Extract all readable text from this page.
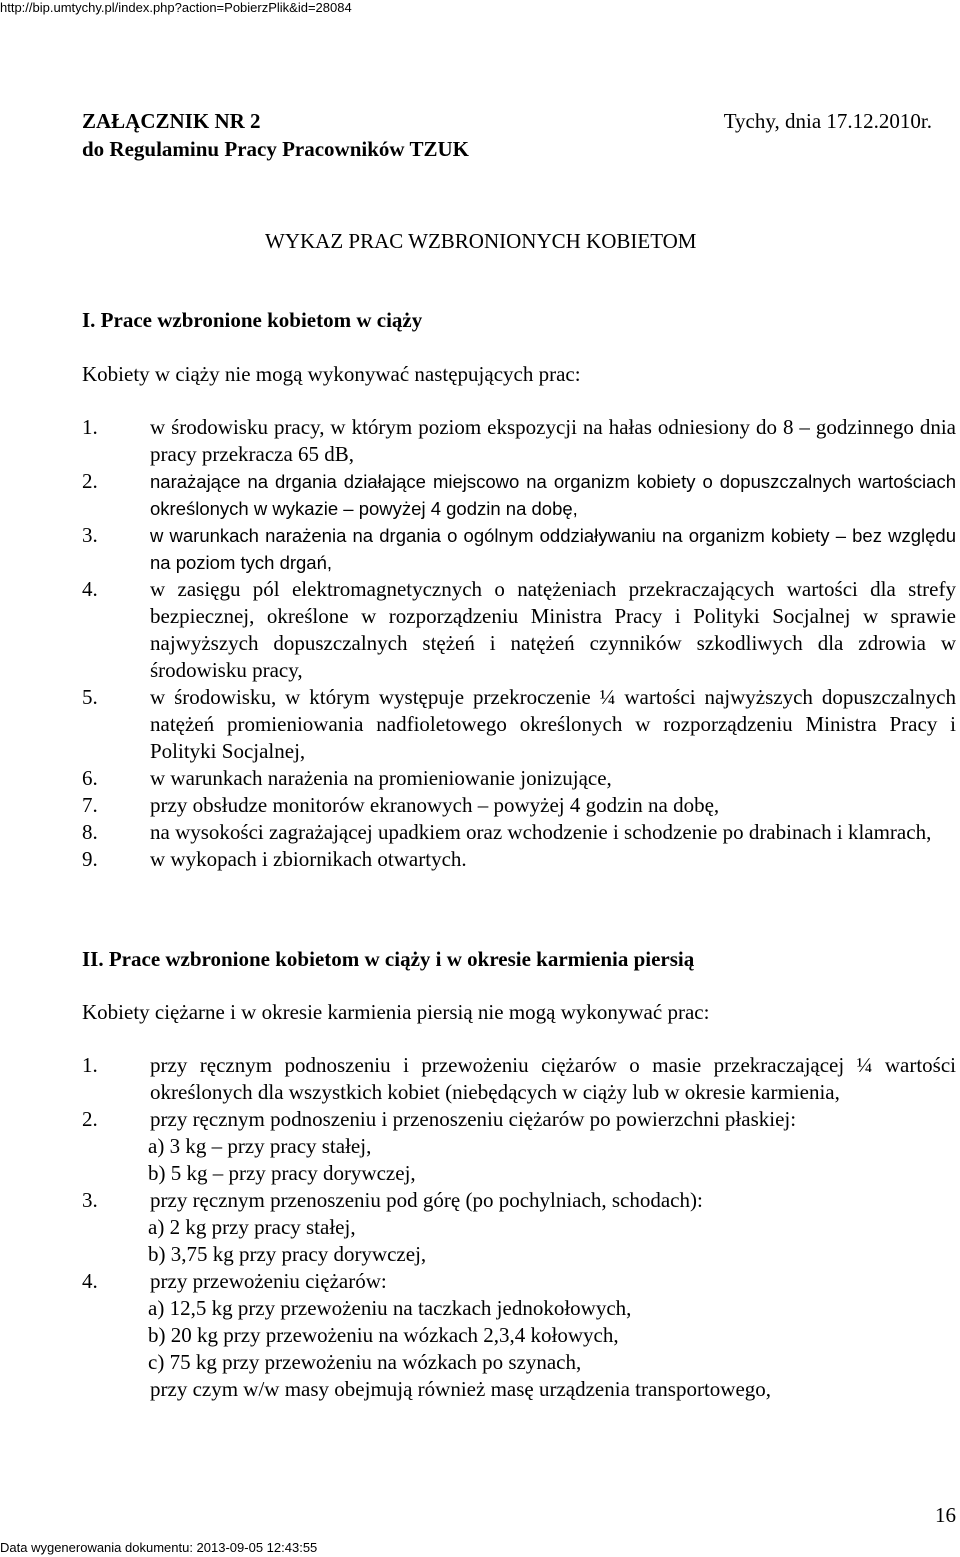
http://bip.umtychy.pl/index.php?action=PobierzPlik&id=28084
ZAŁĄCZNIK NR 2
do Regulaminu Pracy Pracowników TZUK
Tychy, dnia 17.12.2010r.
WYKAZ PRAC WZBRONIONYCH KOBIETOM
I. Prace wzbronione kobietom w ciąży
Kobiety w ciąży nie mogą wykonywać następujących prac:
1.	w środowisku pracy, w którym poziom ekspozycji na hałas odniesiony do 8 – godzinnego dnia pracy przekracza 65 dB,
2.	narażające na drgania działające miejscowo na organizm kobiety o dopuszczalnych wartościach określonych w wykazie – powyżej 4 godzin na dobę,
3.	w warunkach narażenia na drgania o ogólnym oddziaływaniu na organizm kobiety – bez względu na poziom tych drgań,
4.	w zasięgu pól elektromagnetycznych o natężeniach przekraczających wartości dla strefy bezpiecznej, określone w rozporządzeniu Ministra Pracy i Polityki Socjalnej w sprawie najwyższych dopuszczalnych stężeń i natężeń czynników szkodliwych dla zdrowia w środowisku pracy,
5.	w środowisku, w którym występuje przekroczenie ¼ wartości najwyższych dopuszczalnych natężeń promieniowania nadfioletowego określonych w rozporządzeniu Ministra Pracy i Polityki Socjalnej,
6.	w warunkach narażenia na promieniowanie jonizujące,
7.	przy obsłudze monitorów ekranowych – powyżej 4 godzin na dobę,
8.	na wysokości zagrażającej upadkiem oraz wchodzenie i schodzenie po drabinach i klamrach,
9.	w wykopach i zbiornikach otwartych.
II. Prace wzbronione kobietom w ciąży i w okresie karmienia piersią
Kobiety ciężarne i w okresie karmienia piersią nie mogą wykonywać prac:
1.	przy ręcznym podnoszeniu i przewożeniu ciężarów o masie przekraczającej ¼ wartości określonych dla wszystkich kobiet (niebędących w ciąży lub w okresie karmienia,
2.	przy ręcznym podnoszeniu i przenoszeniu ciężarów po powierzchni płaskiej:
a) 3 kg – przy pracy stałej,
b) 5 kg – przy pracy dorywczej,
3.	przy ręcznym przenoszeniu pod górę (po pochylniach, schodach):
a) 2 kg przy pracy stałej,
b) 3,75 kg przy pracy dorywczej,
4.	przy przewożeniu ciężarów:
a) 12,5 kg przy przewożeniu na taczkach jednokołowych,
b) 20 kg przy przewożeniu na wózkach 2,3,4 kołowych,
c) 75 kg przy przewożeniu na wózkach po szynach,
przy czym w/w masy obejmują również masę urządzenia transportowego,
16
Data wygenerowania dokumentu: 2013-09-05 12:43:55
